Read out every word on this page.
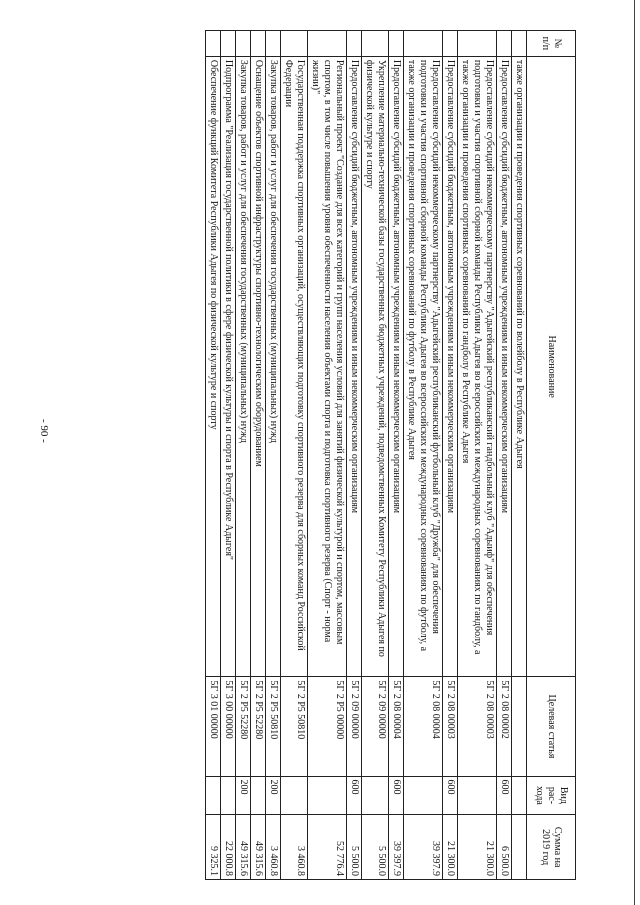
- 90 -
№ п/п	Наименование	Целевая статья	Вид рас-хода	Сумма на 2019 год
	также организации и проведения спортивных соревнований по волейболу в Республике Адыгея			
	Предоставление субсидий бюджетным, автономным учреждениям и иным некоммерческим организациям	5Г 2 08 00002	600	6 500.0
	Предоставление субсидий некоммерческому партнерству "Адыгейский республиканский гандбольный клуб "Адыиф" для обеспечения подготовки и участия спортивной сборной команды Республики Адыгея во всероссийских и международных соревнованиях по гандболу, а также организации и проведения спортивных соревнований по гандболу в Республике Адыгея	5Г 2 08 00003		21 300.0
	Предоставление субсидий бюджетным, автономным учреждениям и иным некоммерческим организациям	5Г 2 08 00003	600	21 300.0
	Предоставление субсидий некоммерческому партнерству "Адыгейский республиканский футбольный клуб "Дружба" для обеспечения подготовки и участия спортивной сборной команды Республики Адыгея во всероссийских и международных соревнованиях по футболу, а также организации и проведения спортивных соревнований по футболу в Республике Адыгея	5Г 2 08 00004		39 397.9
	Предоставление субсидий бюджетным, автономным учреждениям и иным некоммерческим организациям	5Г 2 08 00004	600	39 397.9
	Укрепление материально-технической базы государственных бюджетных учреждений, подведомственных Комитету Республики Адыгея по физической культуре и спорту	5Г 2 09 00000		5 500.0
	Предоставление субсидий бюджетным, автономным учреждениям и иным некоммерческим организациям	5Г 2 09 00000	600	5 500.0
	Региональный проект "Создание для всех категорий и групп населения условий для занятий физической культурой и спортом, массовым спортом, в том числе повышения уровня обеспеченности населения объектами спорта и подготовка спортивного резерва (Спорт - норма жизни)"	5Г 2 P5 00000		52 776.4
	Государственная поддержка спортивных организаций, осуществляющих подготовку спортивного резерва для сборных команд Российской Федерации	5Г 2 P5 50810		3 460.8
	Закупка товаров, работ и услуг для обеспечения государственных (муниципальных) нужд	5Г 2 P5 50810	200	3 460.8
	Оснащение объектов спортивной инфраструктуры спортивно-технологическим оборудованием	5Г 2 P5 52280		49 315.6
	Закупка товаров, работ и услуг для обеспечения государственных (муниципальных) нужд	5Г 2 P5 52280	200	49 315.6
	Подпрограмма "Реализация государственной политики в сфере физической культуры и спорта в Республике Адыгея"	5Г 3 00 00000		22 000.8
	Обеспечение функций Комитета Республики Адыгея по физической культуре и спорту	5Г 3 01 00000		9 325.1
